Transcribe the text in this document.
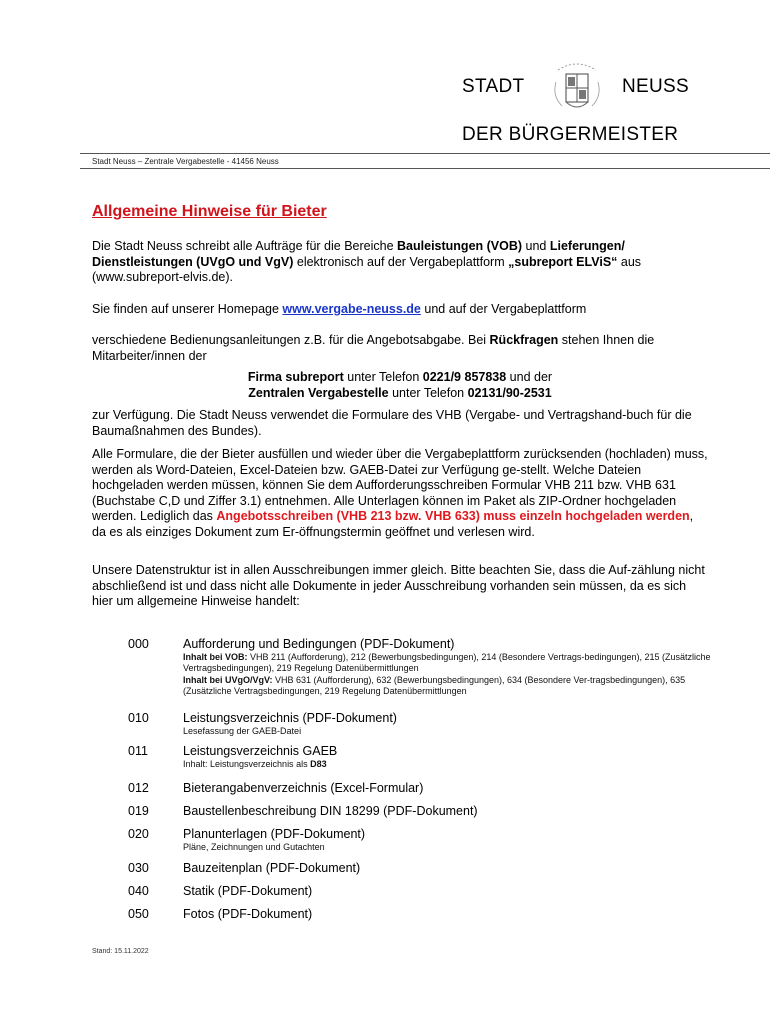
STADT	NEUSS
DER BÜRGERMEISTER
Stadt Neuss – Zentrale Vergabestelle - 41456 Neuss
Allgemeine Hinweise für Bieter
Die Stadt Neuss schreibt alle Aufträge für die Bereiche Bauleistungen (VOB) und Lieferungen/ Dienstleistungen (UVgO und VgV) elektronisch auf der Vergabeplattform „subreport ELViS“ aus (www.subreport-elvis.de).
Sie finden auf unserer Homepage www.vergabe-neuss.de und auf der Vergabeplattform
verschiedene Bedienungsanleitungen z.B. für die Angebotsabgabe. Bei Rückfragen stehen Ihnen die Mitarbeiter/innen der
Firma subreport unter Telefon 0221/9 857838 und der
Zentralen Vergabestelle unter Telefon 02131/90-2531
zur Verfügung. Die Stadt Neuss verwendet die Formulare des VHB (Vergabe- und Vertragshand-buch für die Baumaßnahmen des Bundes).
Alle Formulare, die der Bieter ausfüllen und wieder über die Vergabeplattform zurücksenden (hochladen) muss, werden als Word-Dateien, Excel-Dateien bzw. GAEB-Datei zur Verfügung ge-stellt. Welche Dateien hochgeladen werden müssen, können Sie dem Aufforderungsschreiben Formular VHB 211 bzw. VHB 631 (Buchstabe C,D und Ziffer 3.1) entnehmen. Alle Unterlagen können im Paket als ZIP-Ordner hochgeladen werden. Lediglich das Angebotsschreiben (VHB 213 bzw. VHB 633) muss einzeln hochgeladen werden, da es als einziges Dokument zum Er-öffnungstermin geöffnet und verlesen wird.
Unsere Datenstruktur ist in allen Ausschreibungen immer gleich. Bitte beachten Sie, dass die Auf-zählung nicht abschließend ist und dass nicht alle Dokumente in jeder Ausschreibung vorhanden sein müssen, da es sich hier um allgemeine Hinweise handelt:
000	Aufforderung und Bedingungen (PDF-Dokument)
Inhalt bei VOB: VHB 211 (Aufforderung), 212 (Bewerbungsbedingungen), 214 (Besondere Vertrags-bedingungen), 215 (Zusätzliche Vertragsbedingungen), 219 Regelung Datenübermittlungen
Inhalt bei UVgO/VgV: VHB 631 (Aufforderung), 632 (Bewerbungsbedingungen), 634 (Besondere Ver-tragsbedingungen), 635 (Zusätzliche Vertragsbedingungen, 219 Regelung Datenübermittlungen
010	Leistungsverzeichnis (PDF-Dokument)
Lesefassung der GAEB-Datei
011	Leistungsverzeichnis GAEB
Inhalt: Leistungsverzeichnis als D83
012	Bieterangabenverzeichnis (Excel-Formular)
019	Baustellenbeschreibung DIN 18299 (PDF-Dokument)
020	Planunterlagen (PDF-Dokument)
Pläne, Zeichnungen und Gutachten
030	Bauzeitenplan (PDF-Dokument)
040	Statik (PDF-Dokument)
050	Fotos (PDF-Dokument)
Stand: 15.11.2022
